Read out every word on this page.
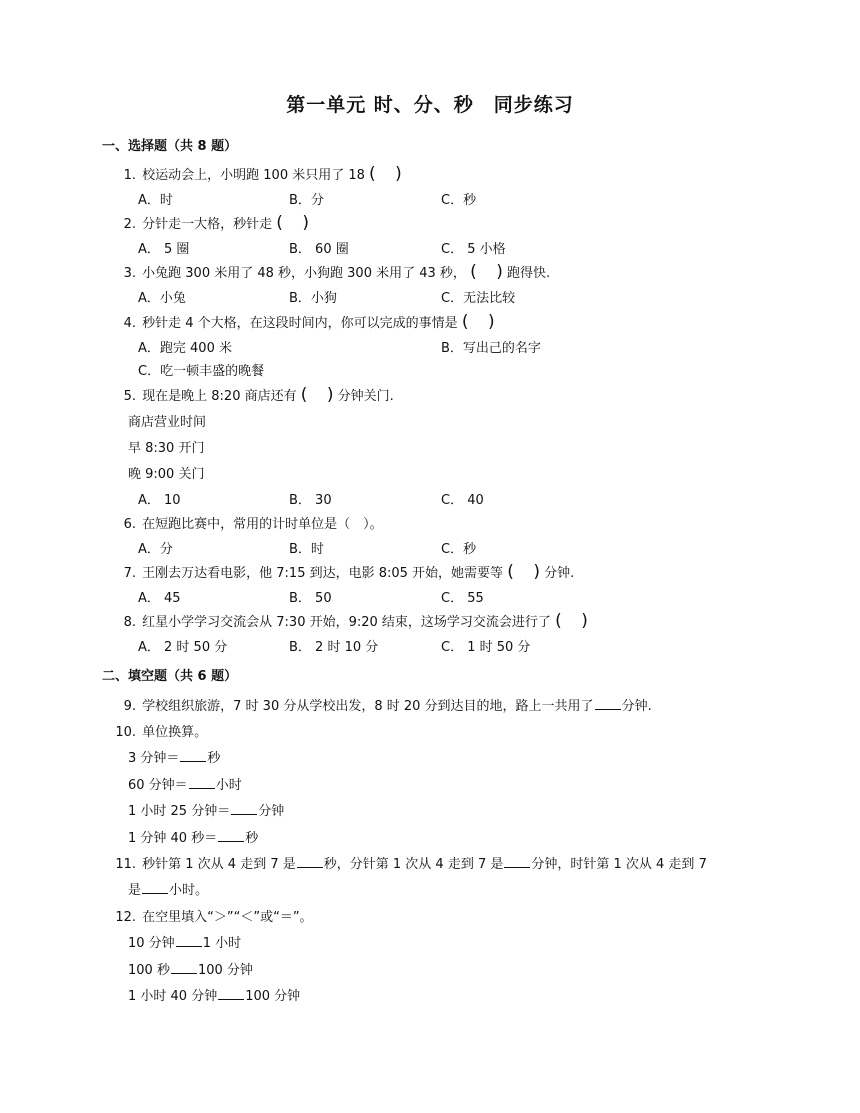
第一单元 时、分、秒　同步练习
一、选择题（共 8 题）
1. 校运动会上，小明跑 100 米只用了 18 (   )
A．时	B．分	C．秒
2. 分针走一大格，秒针走 (   )
A． 5 圈	B． 60 圈	C． 5 小格
3. 小兔跑 300 米用了 48 秒，小狗跑 300 米用了 43 秒， (   ) 跑得快.
A．小兔	B．小狗	C．无法比较
4. 秒针走 4 个大格，在这段时间内，你可以完成的事情是 (   )
A．跑完 400 米	B．写出己的名字
C．吃一顿丰盛的晚餐
5. 现在是晚上 8:20 商店还有 (   ) 分钟关门.
商店营业时间
早 8:30 开门
晚 9:00 关门
A． 10	B． 30	C． 40
6. 在短跑比赛中，常用的计时单位是（　）。
A．分	B．时	C．秒
7. 王刚去万达看电影，他 7:15 到达，电影 8:05 开始，她需要等 (   ) 分钟.
A． 45	B． 50	C． 55
8. 红星小学学习交流会从 7:30 开始，9:20 结束，这场学习交流会进行了 (   )
A． 2 时 50 分	B． 2 时 10 分	C． 1 时 50 分
二、填空题（共 6 题）
9. 学校组织旅游，7 时 30 分从学校出发，8 时 20 分到达目的地，路上一共用了 分钟.
10. 单位换算。
3 分钟＝ 秒
60 分钟＝ 小时
1 小时 25 分钟＝ 分钟
1 分钟 40 秒＝ 秒
11. 秒针第 1 次从 4 走到 7 是 秒，分针第 1 次从 4 走到 7 是 分钟，时针第 1 次从 4 走到 7
是 小时。
12. 在空里填入“＞”“＜”或“＝”。
10 分钟 1 小时
100 秒 100 分钟
1 小时 40 分钟 100 分钟
